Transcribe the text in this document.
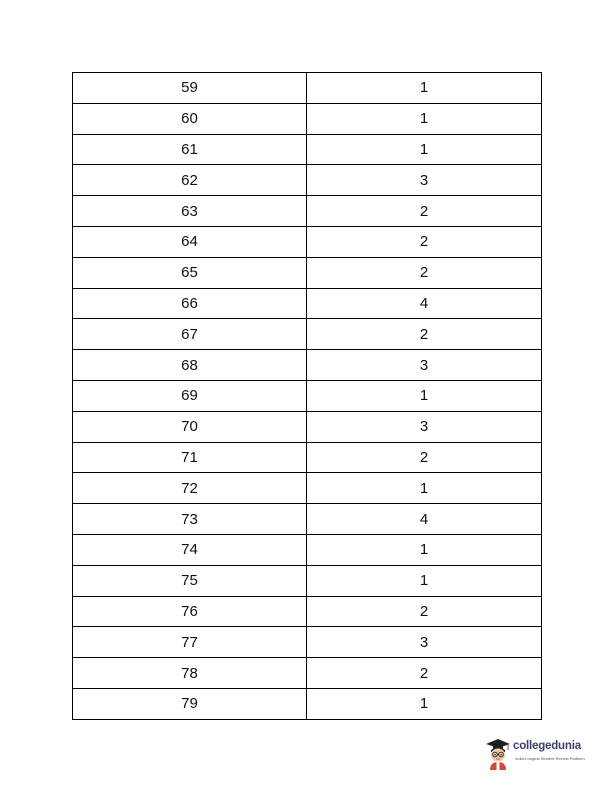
59	1
60	1
61	1
62	3
63	2
64	2
65	2
66	4
67	2
68	3
69	1
70	3
71	2
72	1
73	4
74	1
75	1
76	2
77	3
78	2
79	1
collegedunia
India's largest Student Review Platform
